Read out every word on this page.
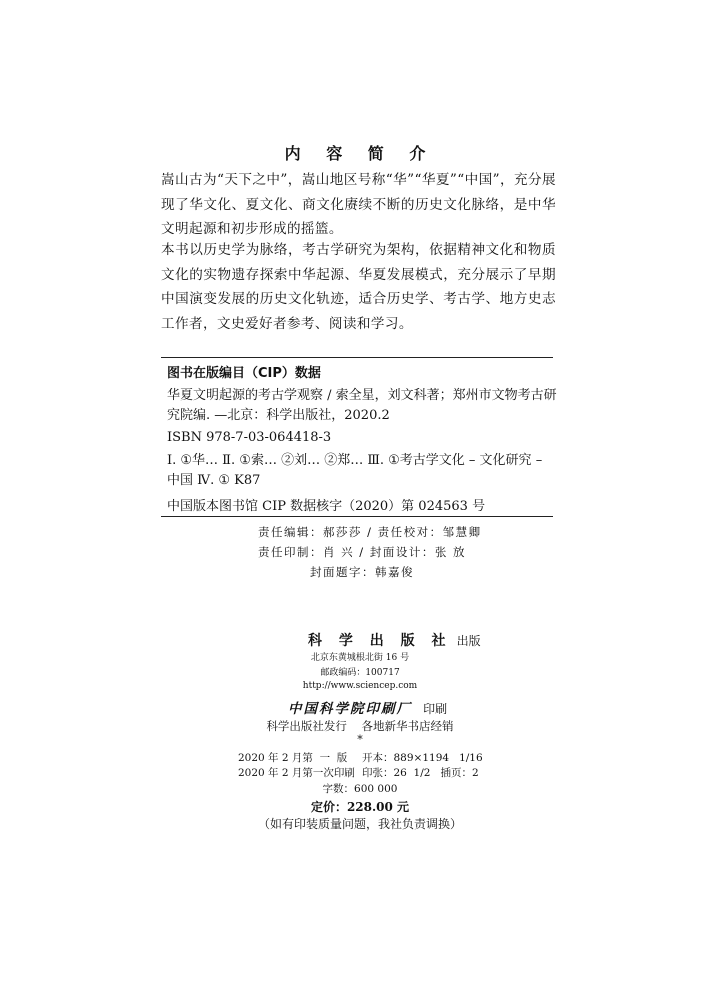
内 容 简 介
嵩山古为“天下之中”，嵩山地区号称“华”“华夏”“中国”，充分展现了华文化、夏文化、商文化赓续不断的历史文化脉络，是中华文明起源和初步形成的摇篮。
本书以历史学为脉络，考古学研究为架构，依据精神文化和物质文化的实物遗存探索中华起源、华夏发展模式，充分展示了早期中国演变发展的历史文化轨迹，适合历史学、考古学、地方史志工作者，文史爱好者参考、阅读和学习。
图书在版编目（CIP）数据
华夏文明起源的考古学观察 / 索全星，刘文科著；郑州市文物考古研究院编. —北京：科学出版社，2020.2
ISBN 978-7-03-064418-3
Ⅰ. ①华… Ⅱ. ①索… ②刘… ②郑… Ⅲ. ①考古学文化 – 文化研究 – 中国 Ⅳ. ① K87
中国版本图书馆 CIP 数据核字（2020）第 024563 号
责任编辑：郝莎莎 / 责任校对：邹慧卿
责任印制：肖 兴 / 封面设计：张 放
封面题字：韩嘉俊
科 学 出 版 社 出版
北京东黄城根北街 16 号
邮政编码：100717
http://www.sciencep.com
中国科学院印刷厂 印刷
科学出版社发行    各地新华书店经销
*
2020 年 2 月第  一  版 开本：889×1194   1/16
2020 年 2 月第一次印刷 印张：26  1/2   插页：2
字数：600 000
定价：228.00 元
（如有印装质量问题，我社负责调换）
